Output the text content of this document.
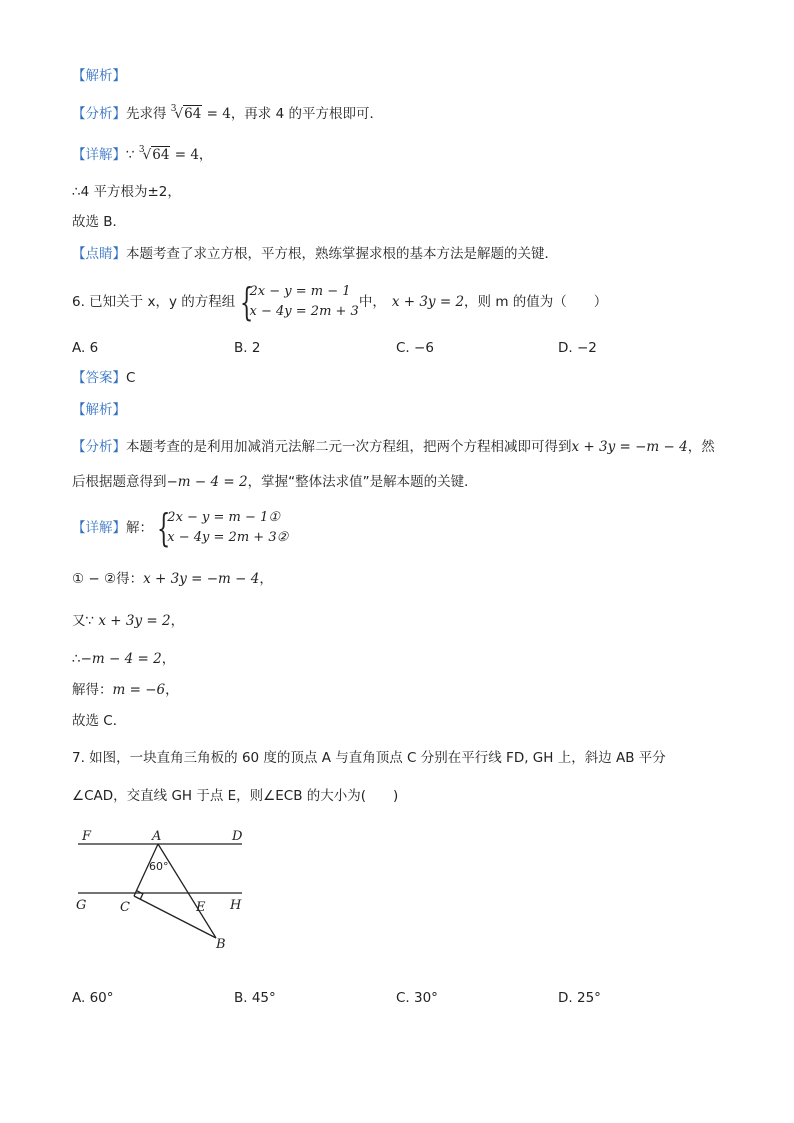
【解析】
【分析】先求得 $^3$√64 = 4，再求 4 的平方根即可．
【详解】∵ $^3$√64 = 4，
∴4 平方根为±2，
故选 B．
【点睛】本题考查了求立方根，平方根，熟练掌握求根的基本方法是解题的关键．
6. 已知关于 x，y 的方程组 {
2x − y = m − 1
x − 4y = 2m + 3
中， x + 3y = 2，则 m 的值为（　　）
A. 6	B. 2	C. −6	D. −2
【答案】C
【解析】
【分析】本题考查的是利用加减消元法解二元一次方程组，把两个方程相减即可得到x + 3y = −m − 4，然
后根据题意得到−m − 4 = 2，掌握“整体法求值”是解本题的关键．
【详解】解： {
2x − y = m − 1①
x − 4y = 2m + 3②
① − ②得：x + 3y = −m − 4，
又∵ x + 3y = 2，
∴−m − 4 = 2，
解得：m = −6，
故选 C．
7. 如图，一块直角三角板的 60 度的顶点 A 与直角顶点 C 分别在平行线 FD, GH 上，斜边 AB 平分
∠CAD，交直线 GH 于点 E，则∠ECB 的大小为(　　)
F	A	D
G	C	E H
B
60°
A. 60°	B. 45°	C. 30°	D. 25°
